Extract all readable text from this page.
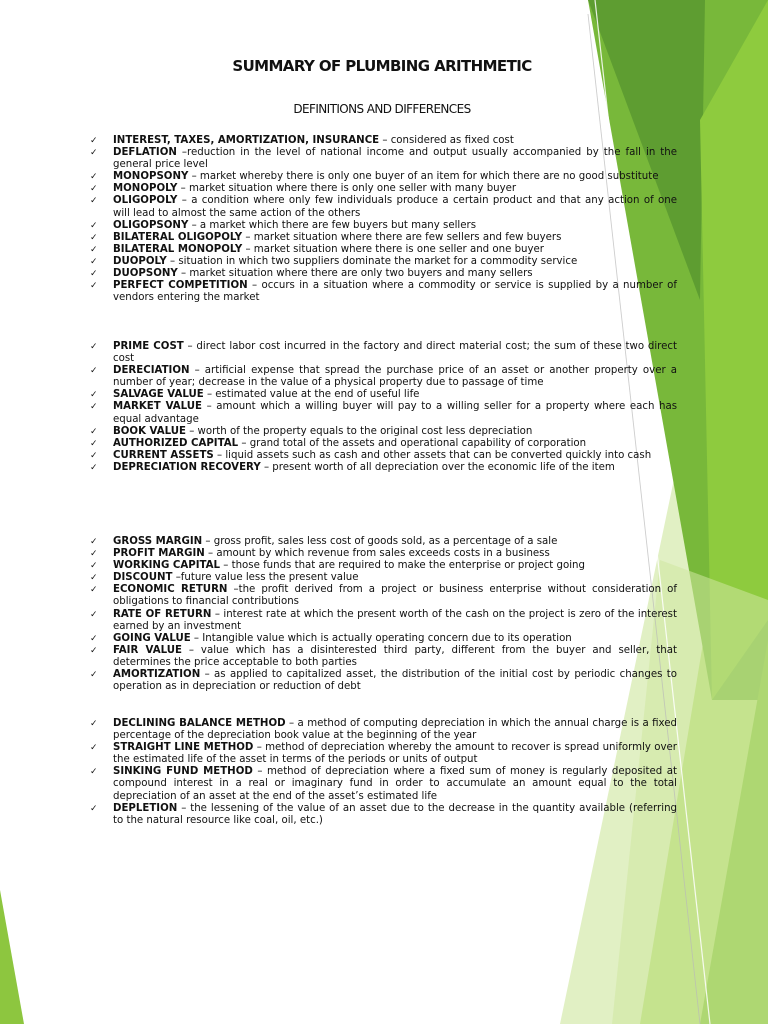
SUMMARY OF PLUMBING ARITHMETIC
DEFINITIONS AND DIFFERENCES
✓ INTEREST, TAXES, AMORTIZATION, INSURANCE – considered as fixed cost
✓ DEFLATION –reduction in the level of national income and output usually accompanied by the fall in the general price level
✓ MONOPSONY – market whereby there is only one buyer of an item for which there are no good substitute
✓ MONOPOLY – market situation where there is only one seller with many buyer
✓ OLIGOPOLY – a condition where only few individuals produce a certain product and that any action of one will lead to almost the same action of the others
✓ OLIGOPSONY – a market which there are few buyers but many sellers
✓ BILATERAL OLIGOPOLY – market situation where there are few sellers and few buyers
✓ BILATERAL MONOPOLY – market situation where there is one seller and one buyer
✓ DUOPOLY – situation in which two suppliers dominate the market for a commodity service
✓ DUOPSONY – market situation where there are only two buyers and many sellers
✓ PERFECT COMPETITION – occurs in a situation where a commodity or service is supplied by a number of vendors entering the market
✓ PRIME COST – direct labor cost incurred in the factory and direct material cost; the sum of these two direct cost
✓ DERECIATION – artificial expense that spread the purchase price of an asset or another property over a number of year; decrease in the value of a physical property due to passage of time
✓ SALVAGE VALUE – estimated value at the end of useful life
✓ MARKET VALUE – amount which a willing buyer will pay to a willing seller for a property where each has equal advantage
✓ BOOK VALUE – worth of the property equals to the original cost less depreciation
✓ AUTHORIZED CAPITAL – grand total of the assets and operational capability of corporation
✓ CURRENT ASSETS – liquid assets such as cash and other assets that can be converted quickly into cash
✓ DEPRECIATION RECOVERY – present worth of all depreciation over the economic life of the item
✓ GROSS MARGIN – gross profit, sales less cost of goods sold, as a percentage of a sale
✓ PROFIT MARGIN – amount by which revenue from sales exceeds costs in a business
✓ WORKING CAPITAL – those funds that are required to make the enterprise or project going
✓ DISCOUNT –future value less the present value
✓ ECONOMIC RETURN –the profit derived from a project or business enterprise without consideration of obligations to financial contributions
✓ RATE OF RETURN – interest rate at which the present worth of the cash on the project is zero of the interest earned by an investment
✓ GOING VALUE – Intangible value which is actually operating concern due to its operation
✓ FAIR VALUE – value which has a disinterested third party, different from the buyer and seller, that determines the price acceptable to both parties
✓ AMORTIZATION – as applied to capitalized asset, the distribution of the initial cost by periodic changes to operation as in depreciation or reduction of debt
✓ DECLINING BALANCE METHOD – a method of computing depreciation in which the annual charge is a fixed percentage of the depreciation book value at the beginning of the year
✓ STRAIGHT LINE METHOD – method of depreciation whereby the amount to recover is spread uniformly over the estimated life of the asset in terms of the periods or units of output
✓ SINKING FUND METHOD – method of depreciation where a fixed sum of money is regularly deposited at compound interest in a real or imaginary fund in order to accumulate an amount equal to the total depreciation of an asset at the end of the asset’s estimated life
✓ DEPLETION – the lessening of the value of an asset due to the decrease in the quantity available (referring to the natural resource like coal, oil, etc.)
